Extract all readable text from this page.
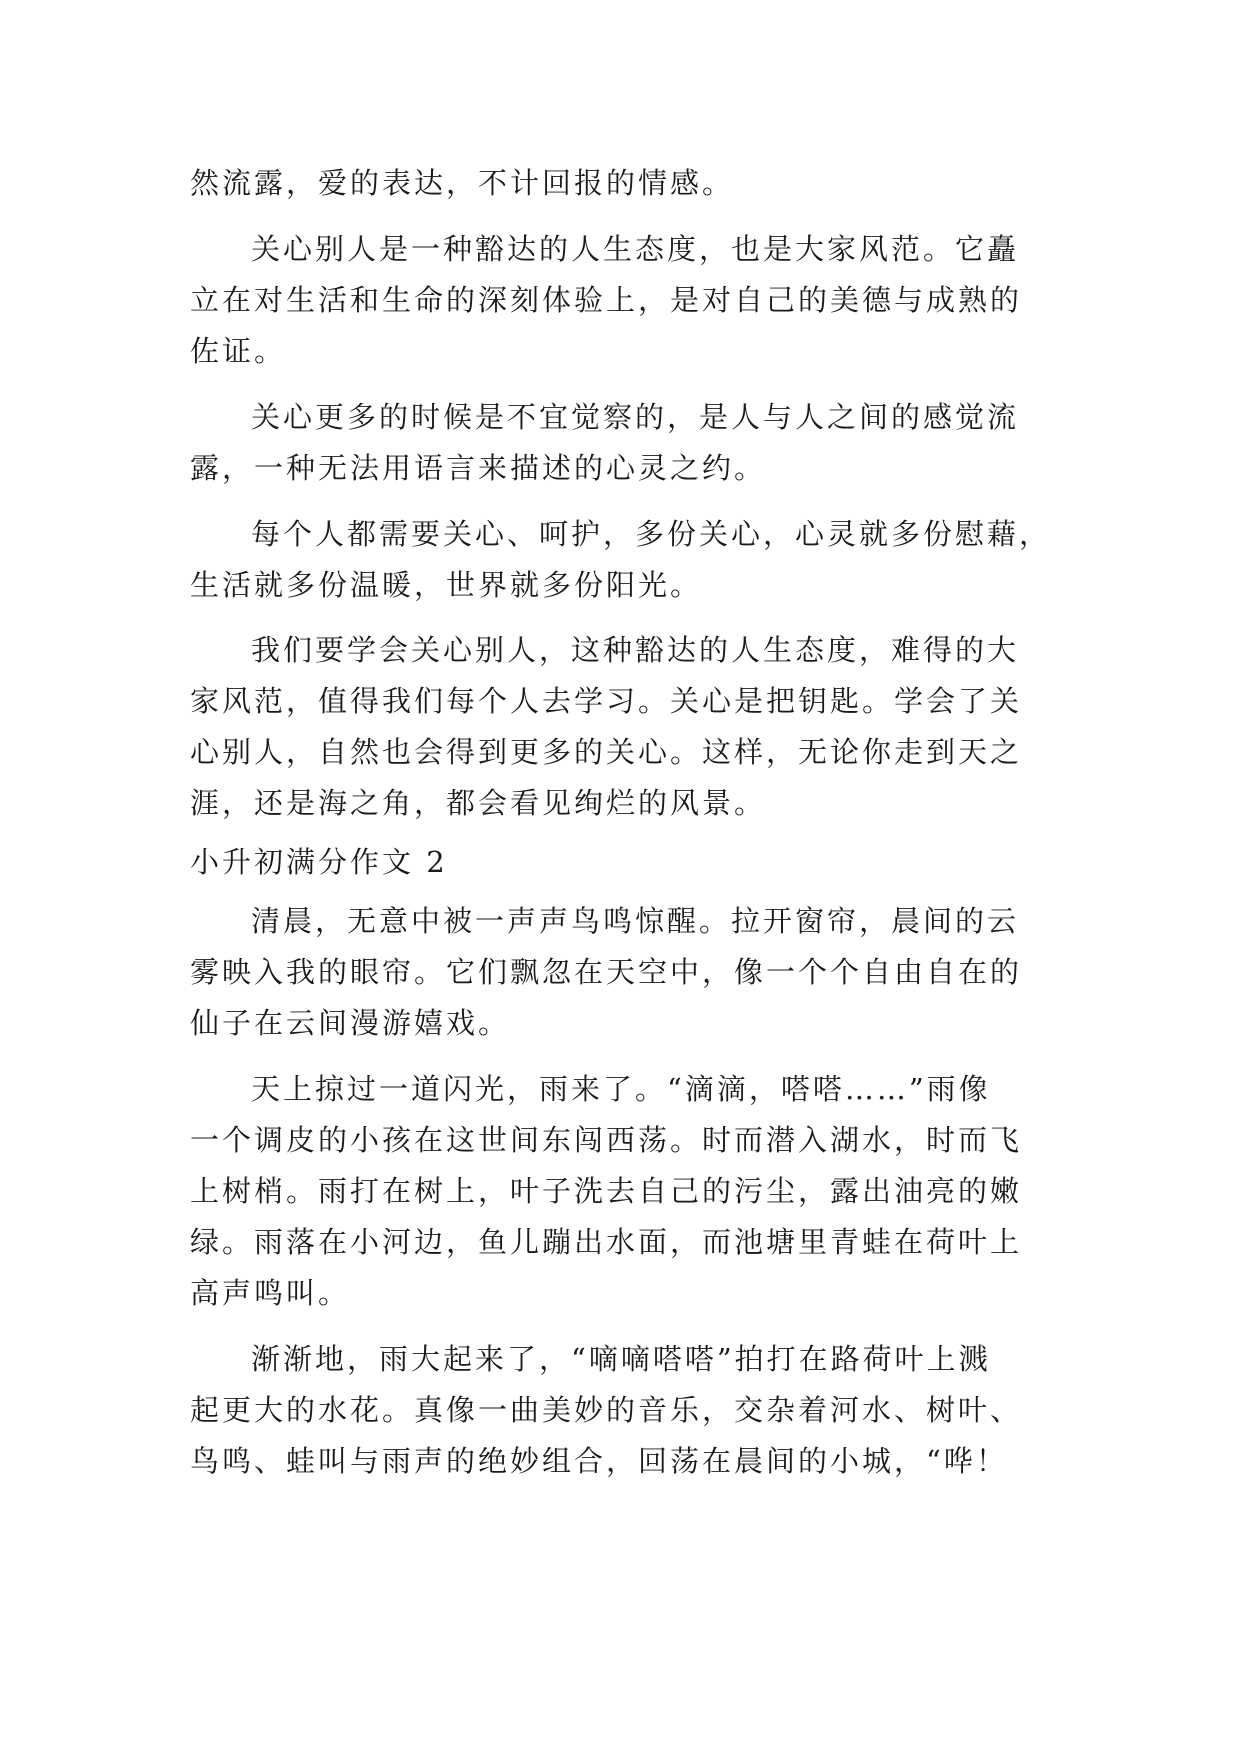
然流露，爱的表达，不计回报的情感。
关心别人是一种豁达的人生态度，也是大家风范。它矗
立在对生活和生命的深刻体验上，是对自己的美德与成熟的
佐证。
关心更多的时候是不宜觉察的，是人与人之间的感觉流
露，一种无法用语言来描述的心灵之约。
每个人都需要关心、呵护，多份关心，心灵就多份慰藉，
生活就多份温暖，世界就多份阳光。
我们要学会关心别人，这种豁达的人生态度，难得的大
家风范，值得我们每个人去学习。关心是把钥匙。学会了关
心别人，自然也会得到更多的关心。这样，无论你走到天之
涯，还是海之角，都会看见绚烂的风景。
小升初满分作文 2
清晨，无意中被一声声鸟鸣惊醒。拉开窗帘，晨间的云
雾映入我的眼帘。它们飘忽在天空中，像一个个自由自在的
仙子在云间漫游嬉戏。
天上掠过一道闪光，雨来了。“滴滴，嗒嗒……”雨像
一个调皮的小孩在这世间东闯西荡。时而潜入湖水，时而飞
上树梢。雨打在树上，叶子洗去自己的污尘，露出油亮的嫩
绿。雨落在小河边，鱼儿蹦出水面，而池塘里青蛙在荷叶上
高声鸣叫。
渐渐地，雨大起来了，“嘀嘀嗒嗒”拍打在路荷叶上溅
起更大的水花。真像一曲美妙的音乐，交杂着河水、树叶、
鸟鸣、蛙叫与雨声的绝妙组合，回荡在晨间的小城，“哗！
